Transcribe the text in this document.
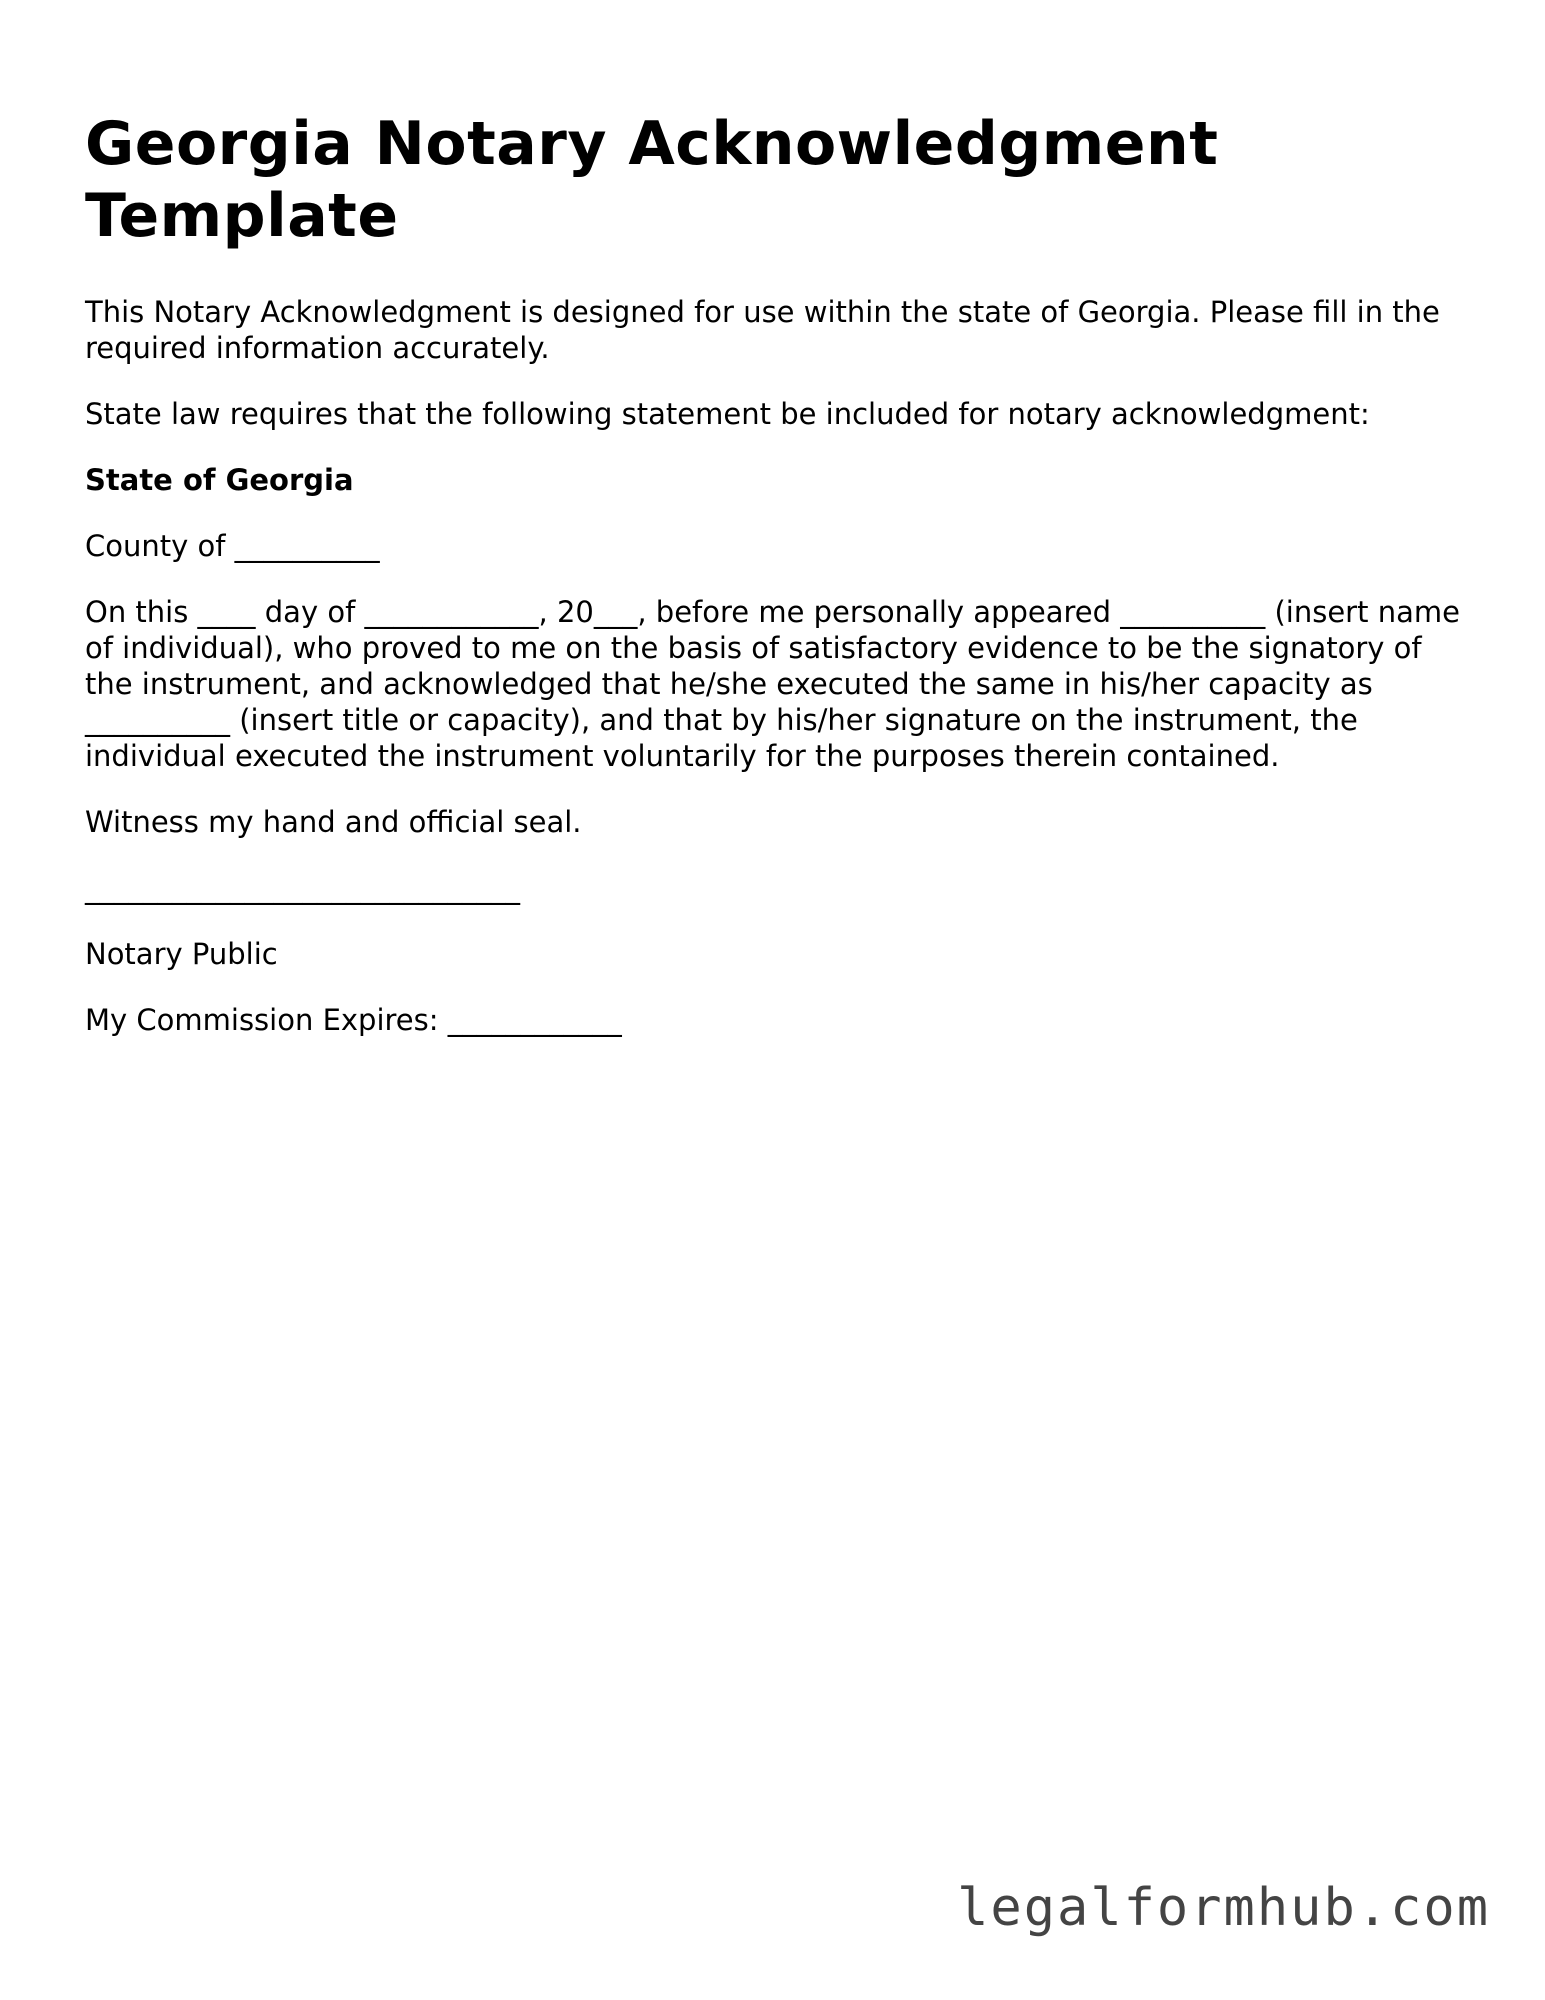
Georgia Notary Acknowledgment Template

This Notary Acknowledgment is designed for use within the state of Georgia. Please fill in the required information accurately.

State law requires that the following statement be included for notary acknowledgment:

State of Georgia

County of __________

On this ____ day of ____________, 20___, before me personally appeared __________ (insert name of individual), who proved to me on the basis of satisfactory evidence to be the signatory of the instrument, and acknowledged that he/she executed the same in his/her capacity as __________ (insert title or capacity), and that by his/her signature on the instrument, the individual executed the instrument voluntarily for the purposes therein contained.

Witness my hand and official seal.

______________________________

Notary Public

My Commission Expires: ____________

legalformhub.com
